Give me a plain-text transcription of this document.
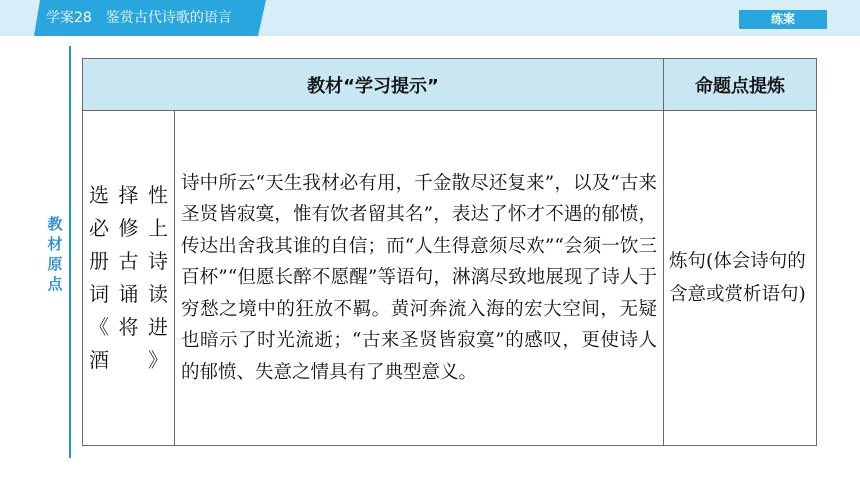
学案28　鉴赏古代诗歌的语言	练案
教材原点
教材“学习提示”		命题点提炼
选择性必修上册古诗词诵读《将进酒》	诗中所云“天生我材必有用，千金散尽还复来”，以及“古来圣贤皆寂寞，惟有饮者留其名”，表达了怀才不遇的郁愤，传达出舍我其谁的自信；而“人生得意须尽欢”“会须一饮三百杯”“但愿长醉不愿醒”等语句，淋漓尽致地展现了诗人于穷愁之境中的狂放不羁。黄河奔流入海的宏大空间，无疑也暗示了时光流逝；“古来圣贤皆寂寞”的感叹，更使诗人的郁愤、失意之情具有了典型意义。	炼句(体会诗句的含意或赏析语句)
